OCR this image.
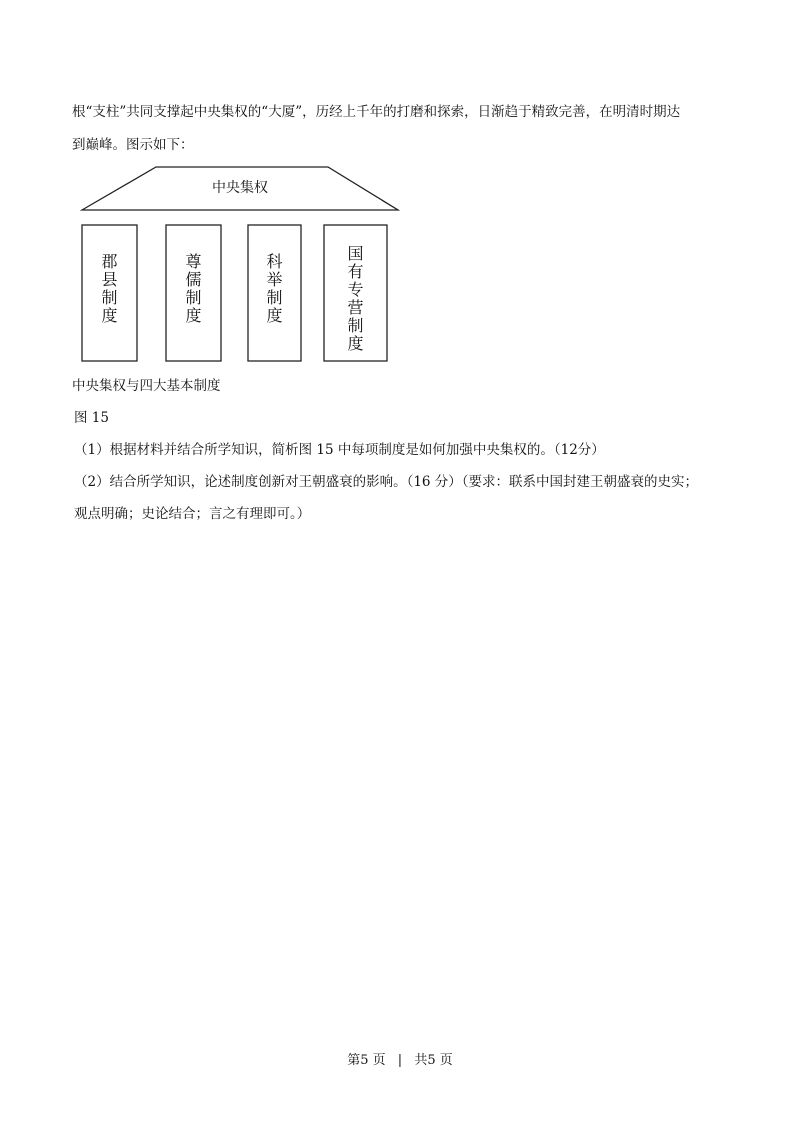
根“支柱”共同支撑起中央集权的“大厦”，历经上千年的打磨和探索，日渐趋于精致完善，在明清时期达
到巅峰。图示如下：
中央集权
郡
县
制
度
尊
儒
制
度
科
举
制
度
国
有
专
营
制
度
中央集权与四大基本制度
图 15
（1）根据材料并结合所学知识，简析图 15 中每项制度是如何加强中央集权的。（12分）
（2）结合所学知识，论述制度创新对王朝盛衰的影响。（16 分）（要求：联系中国封建王朝盛衰的史实；
观点明确；史论结合；言之有理即可。）
第5 页 | 共5 页
